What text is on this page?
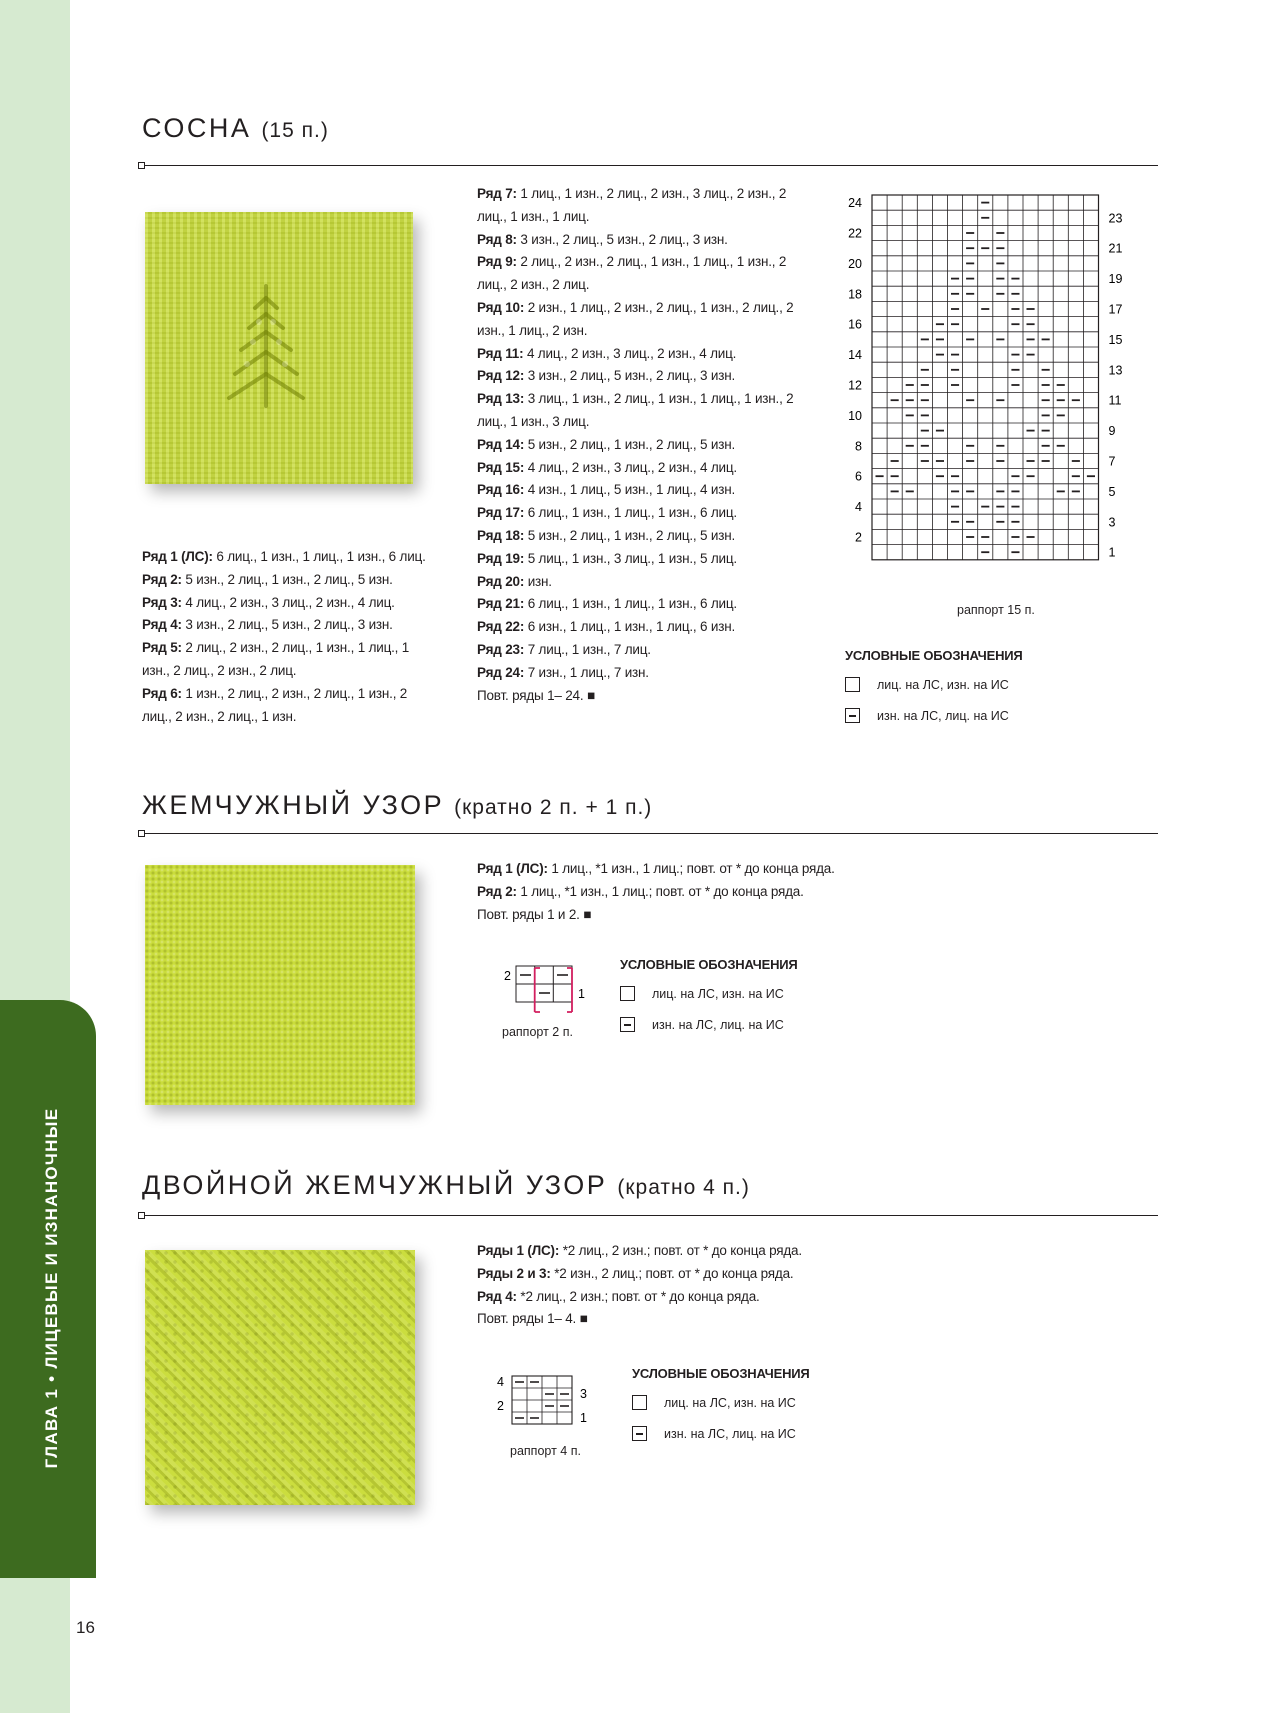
ГЛАВА 1 • ЛИЦЕВЫЕ И ИЗНАНОЧНЫЕ
16
СОСНА (15 п.)
Ряд 1 (ЛС): 6 лиц., 1 изн., 1 лиц., 1 изн., 6 лиц.
Ряд 2: 5 изн., 2 лиц., 1 изн., 2 лиц., 5 изн.
Ряд 3: 4 лиц., 2 изн., 3 лиц., 2 изн., 4 лиц.
Ряд 4: 3 изн., 2 лиц., 5 изн., 2 лиц., 3 изн.
Ряд 5: 2 лиц., 2 изн., 2 лиц., 1 изн., 1 лиц., 1 изн., 2 лиц., 2 изн., 2 лиц.
Ряд 6: 1 изн., 2 лиц., 2 изн., 2 лиц., 1 изн., 2 лиц., 2 изн., 2 лиц., 1 изн.
Ряд 7: 1 лиц., 1 изн., 2 лиц., 2 изн., 3 лиц., 2 изн., 2 лиц., 1 изн., 1 лиц.
Ряд 8: 3 изн., 2 лиц., 5 изн., 2 лиц., 3 изн.
Ряд 9: 2 лиц., 2 изн., 2 лиц., 1 изн., 1 лиц., 1 изн., 2 лиц., 2 изн., 2 лиц.
Ряд 10: 2 изн., 1 лиц., 2 изн., 2 лиц., 1 изн., 2 лиц., 2 изн., 1 лиц., 2 изн.
Ряд 11: 4 лиц., 2 изн., 3 лиц., 2 изн., 4 лиц.
Ряд 12: 3 изн., 2 лиц., 5 изн., 2 лиц., 3 изн.
Ряд 13: 3 лиц., 1 изн., 2 лиц., 1 изн., 1 лиц., 1 изн., 2 лиц., 1 изн., 3 лиц.
Ряд 14: 5 изн., 2 лиц., 1 изн., 2 лиц., 5 изн.
Ряд 15: 4 лиц., 2 изн., 3 лиц., 2 изн., 4 лиц.
Ряд 16: 4 изн., 1 лиц., 5 изн., 1 лиц., 4 изн.
Ряд 17: 6 лиц., 1 изн., 1 лиц., 1 изн., 6 лиц.
Ряд 18: 5 изн., 2 лиц., 1 изн., 2 лиц., 5 изн.
Ряд 19: 5 лиц., 1 изн., 3 лиц., 1 изн., 5 лиц.
Ряд 20: изн.
Ряд 21: 6 лиц., 1 изн., 1 лиц., 1 изн., 6 лиц.
Ряд 22: 6 изн., 1 лиц., 1 изн., 1 лиц., 6 изн.
Ряд 23: 7 лиц., 1 изн., 7 лиц.
Ряд 24: 7 изн., 1 лиц., 7 изн.
Повт. ряды 1– 24. ■
24
22
20
18
16
14
12
10
8
6
4
2
23
21
19
17
15
13
11
9
7
5
3
1
раппорт 15 п.
УСЛОВНЫЕ ОБОЗНАЧЕНИЯ
лиц. на ЛС, изн. на ИС
изн. на ЛС, лиц. на ИС
ЖЕМЧУЖНЫЙ УЗОР (кратно 2 п. + 1 п.)
Ряд 1 (ЛС): 1 лиц., *1 изн., 1 лиц.; повт. от * до конца ряда.
Ряд 2: 1 лиц., *1 изн., 1 лиц.; повт. от * до конца ряда.
Повт. ряды 1 и 2. ■
2
1
раппорт 2 п.
УСЛОВНЫЕ ОБОЗНАЧЕНИЯ
лиц. на ЛС, изн. на ИС
изн. на ЛС, лиц. на ИС
ДВОЙНОЙ ЖЕМЧУЖНЫЙ УЗОР (кратно 4 п.)
Ряды 1 (ЛС): *2 лиц., 2 изн.; повт. от * до конца ряда.
Ряды 2 и 3: *2 изн., 2 лиц.; повт. от * до конца ряда.
Ряд 4: *2 лиц., 2 изн.; повт. от * до конца ряда.
Повт. ряды 1– 4. ■
4
3
2
1
раппорт 4 п.
УСЛОВНЫЕ ОБОЗНАЧЕНИЯ
лиц. на ЛС, изн. на ИС
изн. на ЛС, лиц. на ИС
